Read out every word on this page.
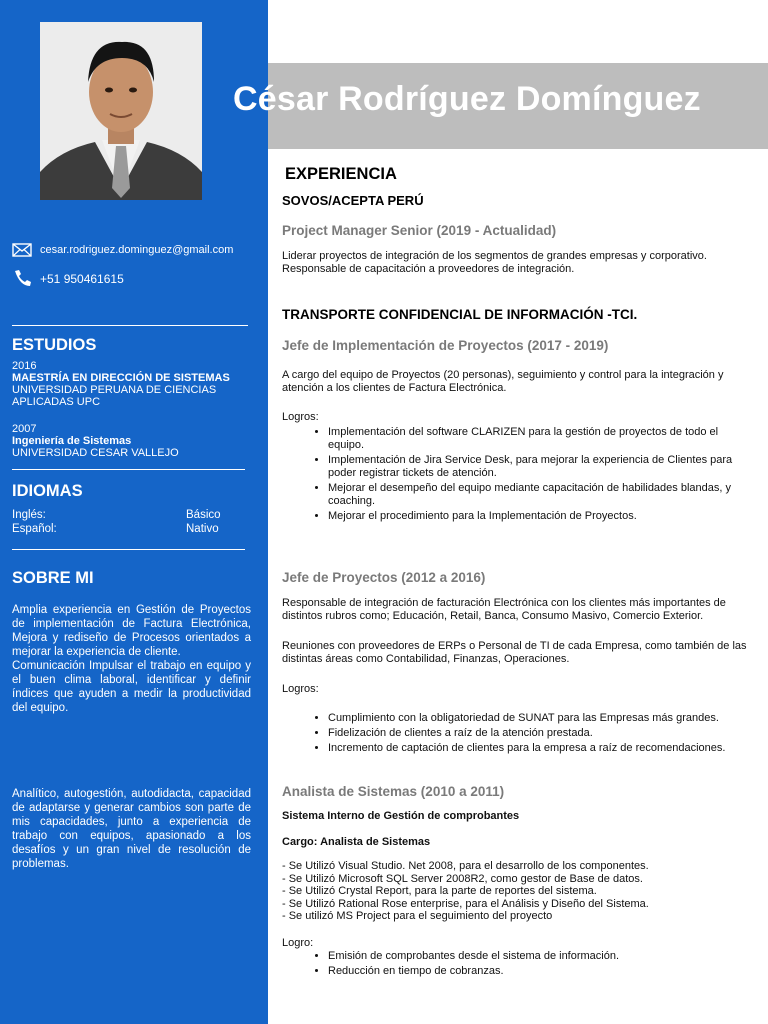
César Rodríguez Domínguez
cesar.rodriguez.dominguez@gmail.com
+51 950461615
ESTUDIOS
2016
MAESTRÍA EN DIRECCIÓN DE SISTEMAS
UNIVERSIDAD PERUANA DE CIENCIAS APLICADAS UPC
2007
Ingeniería de Sistemas
UNIVERSIDAD CESAR VALLEJO
IDIOMAS
Inglés:	Básico
Español:	Nativo
SOBRE MI
Amplia experiencia en Gestión de Proyectos de implementación de Factura Electrónica, Mejora y rediseño de Procesos orientados a mejorar la experiencia de cliente.
Comunicación Impulsar el trabajo en equipo y el buen clima laboral, identificar y definir índices que ayuden a medir la productividad del equipo.
Analítico, autogestión, autodidacta, capacidad de adaptarse y generar cambios son parte de mis capacidades, junto a experiencia de trabajo con equipos, apasionado a los desafíos y un gran nivel de resolución de problemas.
EXPERIENCIA
SOVOS/ACEPTA PERÚ
Project Manager Senior (2019 - Actualidad)
Liderar proyectos de integración de los segmentos de grandes empresas y corporativo.
Responsable de capacitación a proveedores de integración.
TRANSPORTE CONFIDENCIAL DE INFORMACIÓN -TCI.
Jefe de Implementación de Proyectos (2017 - 2019)
A cargo del equipo de Proyectos (20 personas), seguimiento y control para la integración y atención a los clientes de Factura Electrónica.
Logros:
• Implementación del software CLARIZEN para la gestión de proyectos de todo el equipo.
• Implementación de Jira Service Desk, para mejorar la experiencia de Clientes para poder registrar tickets de atención.
• Mejorar el desempeño del equipo mediante capacitación de habilidades blandas, y coaching.
• Mejorar el procedimiento para la Implementación de Proyectos.
Jefe de Proyectos (2012 a 2016)
Responsable de integración de facturación Electrónica con los clientes más importantes de distintos rubros como; Educación, Retail, Banca, Consumo Masivo, Comercio Exterior.
Reuniones con proveedores de ERPs o Personal de TI de cada Empresa, como también de las distintas áreas como Contabilidad, Finanzas, Operaciones.
Logros:
• Cumplimiento con la obligatoriedad de SUNAT para las Empresas más grandes.
• Fidelización de clientes a raíz de la atención prestada.
• Incremento de captación de clientes para la empresa a raíz de recomendaciones.
Analista de Sistemas (2010 a 2011)
Sistema Interno de Gestión de comprobantes
Cargo: Analista de Sistemas
- Se Utilizó Visual Studio. Net 2008, para el desarrollo de los componentes.
- Se Utilizó Microsoft SQL Server 2008R2, como gestor de Base de datos.
- Se Utilizó Crystal Report, para la parte de reportes del sistema.
- Se Utilizó Rational Rose enterprise, para el Análisis y Diseño del Sistema.
- Se utilizó MS Project para el seguimiento del proyecto
Logro:
• Emisión de comprobantes desde el sistema de información.
• Reducción en tiempo de cobranzas.
